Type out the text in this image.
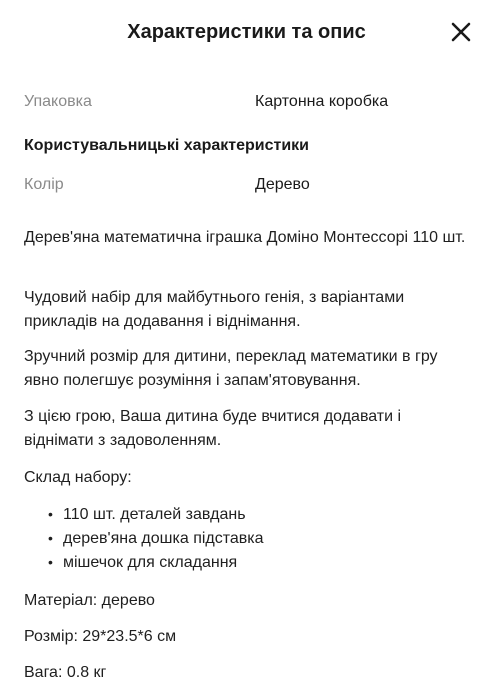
Характеристики та опис
Упаковка	Картонна коробка
Користувальницькі характеристики
Колір	Дерево
Дерев'яна математична іграшка Доміно Монтессорі 110 шт.
Чудовий набір для майбутнього генія, з варіантами прикладів на додавання і віднімання.
Зручний розмір для дитини, переклад математики в гру явно полегшує розуміння і запам'ятовування.
З цією грою, Ваша дитина буде вчитися додавати і віднімати з задоволенням.
Склад набору:
• 110 шт. деталей завдань
• дерев'яна дошка підставка
• мішечок для складання
Матеріал: дерево
Розмір: 29*23.5*6 см
Вага: 0.8 кг
